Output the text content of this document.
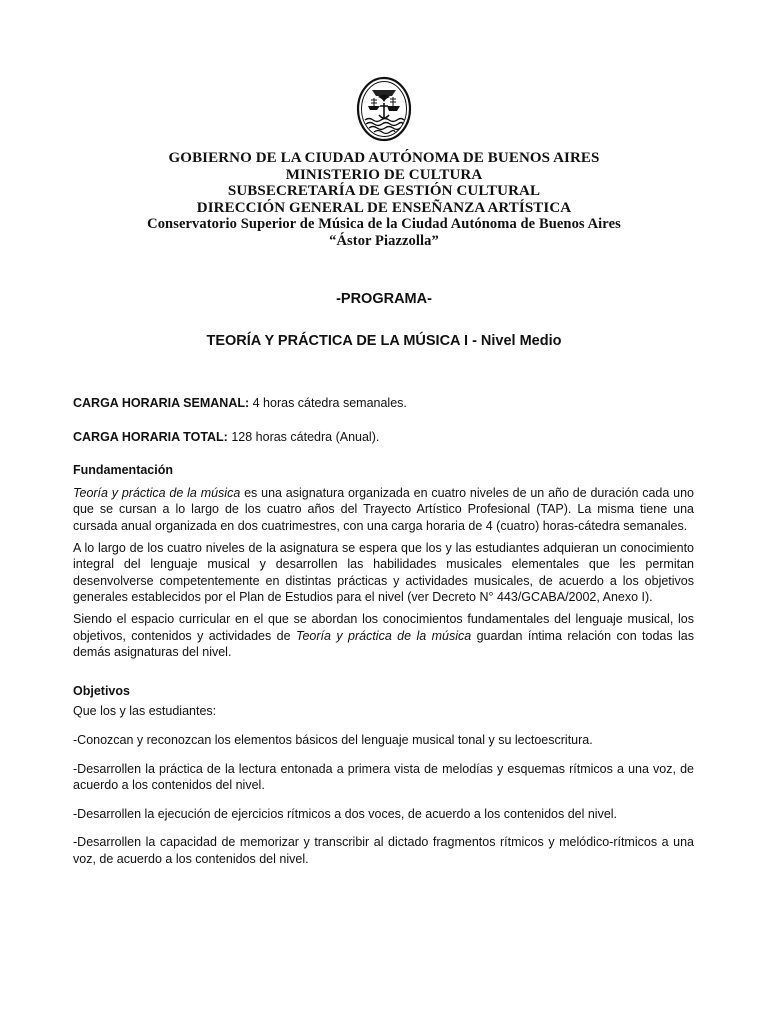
GOBIERNO DE LA CIUDAD AUTÓNOMA DE BUENOS AIRES
MINISTERIO DE CULTURA
SUBSECRETARÍA DE GESTIÓN CULTURAL
DIRECCIÓN GENERAL DE ENSEÑANZA ARTÍSTICA
Conservatorio Superior de Música de la Ciudad Autónoma de Buenos Aires
“Ástor Piazzolla”
-PROGRAMA-
TEORÍA Y PRÁCTICA DE LA MÚSICA I - Nivel Medio

CARGA HORARIA SEMANAL: 4 horas cátedra semanales.

CARGA HORARIA TOTAL: 128 horas cátedra (Anual).

Fundamentación

Teoría y práctica de la música es una asignatura organizada en cuatro niveles de un año de duración cada uno que se cursan a lo largo de los cuatro años del Trayecto Artístico Profesional (TAP). La misma tiene una cursada anual organizada en dos cuatrimestres, con una carga horaria de 4 (cuatro) horas-cátedra semanales.

A lo largo de los cuatro niveles de la asignatura se espera que los y las estudiantes adquieran un conocimiento integral del lenguaje musical y desarrollen las habilidades musicales elementales que les permitan desenvolverse competentemente en distintas prácticas y actividades musicales, de acuerdo a los objetivos generales establecidos por el Plan de Estudios para el nivel (ver Decreto N° 443/GCABA/2002, Anexo I).

Siendo el espacio curricular en el que se abordan los conocimientos fundamentales del lenguaje musical, los objetivos, contenidos y actividades de Teoría y práctica de la música guardan íntima relación con todas las demás asignaturas del nivel.

Objetivos

Que los y las estudiantes:

-Conozcan y reconozcan los elementos básicos del lenguaje musical tonal y su lectoescritura.

-Desarrollen la práctica de la lectura entonada a primera vista de melodías y esquemas rítmicos a una voz, de acuerdo a los contenidos del nivel.

-Desarrollen la ejecución de ejercicios rítmicos a dos voces, de acuerdo a los contenidos del nivel.

-Desarrollen la capacidad de memorizar y transcribir al dictado fragmentos rítmicos y melódico-rítmicos a una voz, de acuerdo a los contenidos del nivel.
